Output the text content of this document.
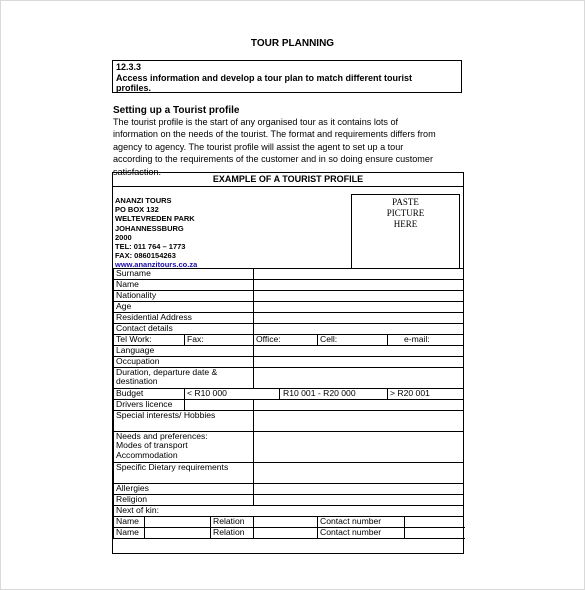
TOUR PLANNING
12.3.3
Access information and develop a tour plan to match different tourist
profiles.
Setting up a Tourist profile
The tourist profile is the start of any organised tour as it contains lots of
information on the needs of the tourist. The format and requirements differs from
agency to agency. The tourist profile will assist the agent to set up a tour
according to the requirements of the customer and in so doing ensure customer
satisfaction.
EXAMPLE OF A TOURIST PROFILE
ANANZI TOURS
PO BOX 132
WELTEVREDEN PARK
JOHANNESSBURG
2000
TEL: 011 764 – 1773
FAX: 0860154263
www.ananzitours.co.za
PASTE
PICTURE
HERE
Surname								
Name								
Nationality								
Age								
Residential Address								
Contact details								
Tel Work:		Fax:		Office:		Cell:	e-mail:	
Language								
Occupation								

Duration, departure date &
destination								

Budget		< R10 000			R10 001 - R20 000		> R20 001	
Drivers licence								
Special interests/ Hobbies								

Needs and preferences:
Modes of transport
Accommodation								

Specific Dietary requirements								
Allergies								
Religion								
Next of kin:								
Name			Relation			Contact number		
Name			Relation			Contact number		
